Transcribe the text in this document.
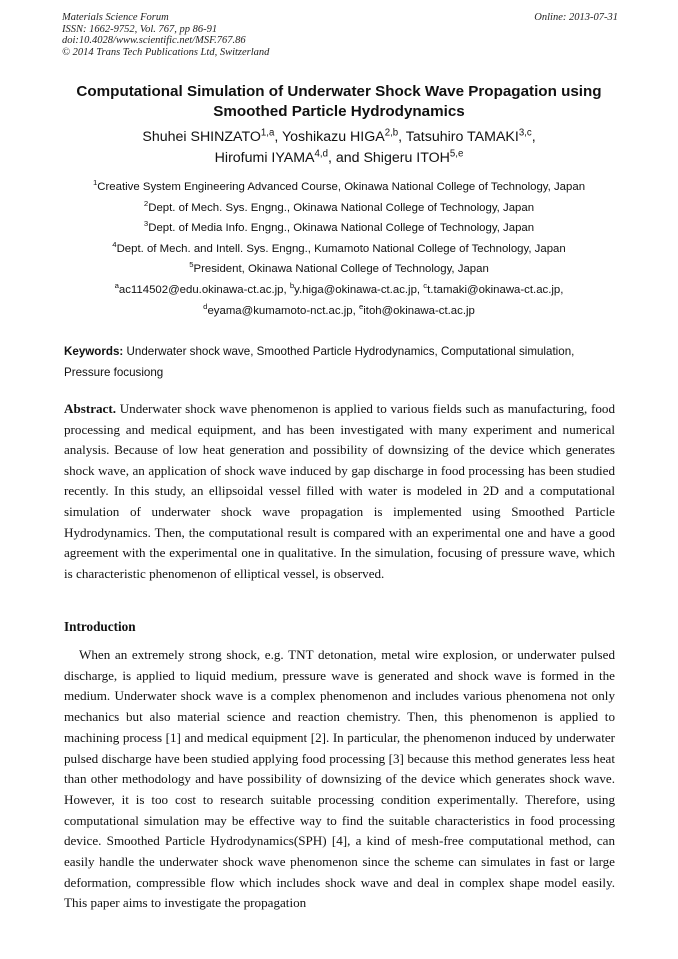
Materials Science Forum
ISSN: 1662-9752, Vol. 767, pp 86-91
doi:10.4028/www.scientific.net/MSF.767.86
© 2014 Trans Tech Publications Ltd, Switzerland
Online: 2013-07-31
Computational Simulation of Underwater Shock Wave Propagation using
Smoothed Particle Hydrodynamics
Shuhei SHINZATO$^{1,a}$, Yoshikazu HIGA$^{2,b}$, Tatsuhiro TAMAKI$^{3,c}$,
Hirofumi IYAMA$^{4,d}$, and Shigeru ITOH$^{5,e}$
$^1$Creative System Engineering Advanced Course, Okinawa National College of Technology, Japan
$^2$Dept. of Mech. Sys. Engng., Okinawa National College of Technology, Japan
$^3$Dept. of Media Info. Engng., Okinawa National College of Technology, Japan
$^4$Dept. of Mech. and Intell. Sys. Engng., Kumamoto National College of Technology, Japan
$^5$President, Okinawa National College of Technology, Japan
$^a$ac114502@edu.okinawa-ct.ac.jp, $^b$y.higa@okinawa-ct.ac.jp, $^c$t.tamaki@okinawa-ct.ac.jp,
$^d$eyama@kumamoto-nct.ac.jp, $^e$itoh@okinawa-ct.ac.jp
Keywords: Underwater shock wave, Smoothed Particle Hydrodynamics, Computational simulation, Pressure focusiong
Abstract. Underwater shock wave phenomenon is applied to various fields such as manufacturing, food processing and medical equipment, and has been investigated with many experiment and numerical analysis. Because of low heat generation and possibility of downsizing of the device which generates shock wave, an application of shock wave induced by gap discharge in food processing has been studied recently. In this study, an ellipsoidal vessel filled with water is modeled in 2D and a computational simulation of underwater shock wave propagation is implemented using Smoothed Particle Hydrodynamics. Then, the computational result is compared with an experimental one and have a good agreement with the experimental one in qualitative. In the simulation, focusing of pressure wave, which is characteristic phenomenon of elliptical vessel, is observed.
Introduction
When an extremely strong shock, e.g. TNT detonation, metal wire explosion, or underwater pulsed discharge, is applied to liquid medium, pressure wave is generated and shock wave is formed in the medium. Underwater shock wave is a complex phenomenon and includes various phenomena not only mechanics but also material science and reaction chemistry. Then, this phenomenon is applied to machining process [1] and medical equipment [2]. In particular, the phenomenon induced by underwater pulsed discharge have been studied applying food processing [3] because this method generates less heat than other methodology and have possibility of downsizing of the device which generates shock wave. However, it is too cost to research suitable processing condition experimentally. Therefore, using computational simulation may be effective way to find the suitable characteristics in food processing device. Smoothed Particle Hydrodynamics(SPH) [4], a kind of mesh-free computational method, can easily handle the underwater shock wave phenomenon since the scheme can simulates in fast or large deformation, compressible flow which includes shock wave and deal in complex shape model easily. This paper aims to investigate the propagation
